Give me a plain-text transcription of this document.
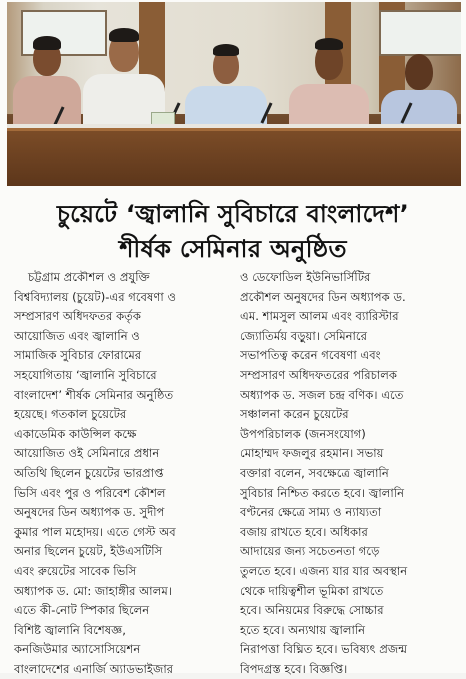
চুয়েটে ‘জ্বালানি সুবিচারে বাংলাদেশ’
শীর্ষক সেমিনার অনুষ্ঠিত
চট্টগ্রাম প্রকৌশল ও প্রযুক্তি
বিশ্ববিদ্যালয় (চুয়েট)-এর গবেষণা ও
সম্প্রসারণ অধিদফতর কর্তৃক
আয়োজিত এবং জ্বালানি ও
সামাজিক সুবিচার ফোরামের
সহযোগিতায় ‘জ্বালানি সুবিচারে
বাংলাদেশ’ শীর্ষক সেমিনার অনুষ্ঠিত
হয়েছে। গতকাল চুয়েটের
একাডেমিক কাউন্সিল কক্ষে
আয়োজিত ওই সেমিনারে প্রধান
অতিথি ছিলেন চুয়েটের ভারপ্রাপ্ত
ভিসি এবং পুর ও পরিবেশ কৌশল
অনুষদের ডিন অধ্যাপক ড. সুদীপ
কুমার পাল মহোদয়। এতে গেস্ট অব
অনার ছিলেন চুয়েট, ইউএসটিসি
এবং রুয়েটের সাবেক ভিসি
অধ্যাপক ড. মো: জাহাঙ্গীর আলম।
এতে কী-নোট স্পিকার ছিলেন
বিশিষ্ট জ্বালানি বিশেষজ্ঞ,
কনজিউমার অ্যাসোসিয়েশন
বাংলাদেশের এনার্জি অ্যাডভাইজার
ও ডেফোডিল ইউনিভার্সিটির
প্রকৌশল অনুষদের ডিন অধ্যাপক ড.
এম. শামসুল আলম এবং ব্যারিস্টার
জ্যোতির্ময় বড়ুয়া। সেমিনারে
সভাপতিত্ব করেন গবেষণা এবং
সম্প্রসারণ অধিদফতরের পরিচালক
অধ্যাপক ড. সজল চন্দ্র বণিক। এতে
সঞ্চালনা করেন চুয়েটের
উপপরিচালক (জনসংযোগ)
মোহাম্মদ ফজলুর রহমান। সভায়
বক্তারা বলেন, সবক্ষেত্রে জ্বালানি
সুবিচার নিশ্চিত করতে হবে। জ্বালানি
বণ্টনের ক্ষেত্রে সাম্য ও ন্যায্যতা
বজায় রাখতে হবে। অধিকার
আদায়ের জন্য সচেতনতা গড়ে
তুলতে হবে। এজন্য যার যার অবস্থান
থেকে দায়িত্বশীল ভূমিকা রাখতে
হবে। অনিয়মের বিরুদ্ধে সোচ্চার
হতে হবে। অন্যথায় জ্বালানি
নিরাপত্তা বিঘ্নিত হবে। ভবিষ্যৎ প্রজন্ম
বিপদগ্রস্ত হবে। বিজ্ঞপ্তি।
